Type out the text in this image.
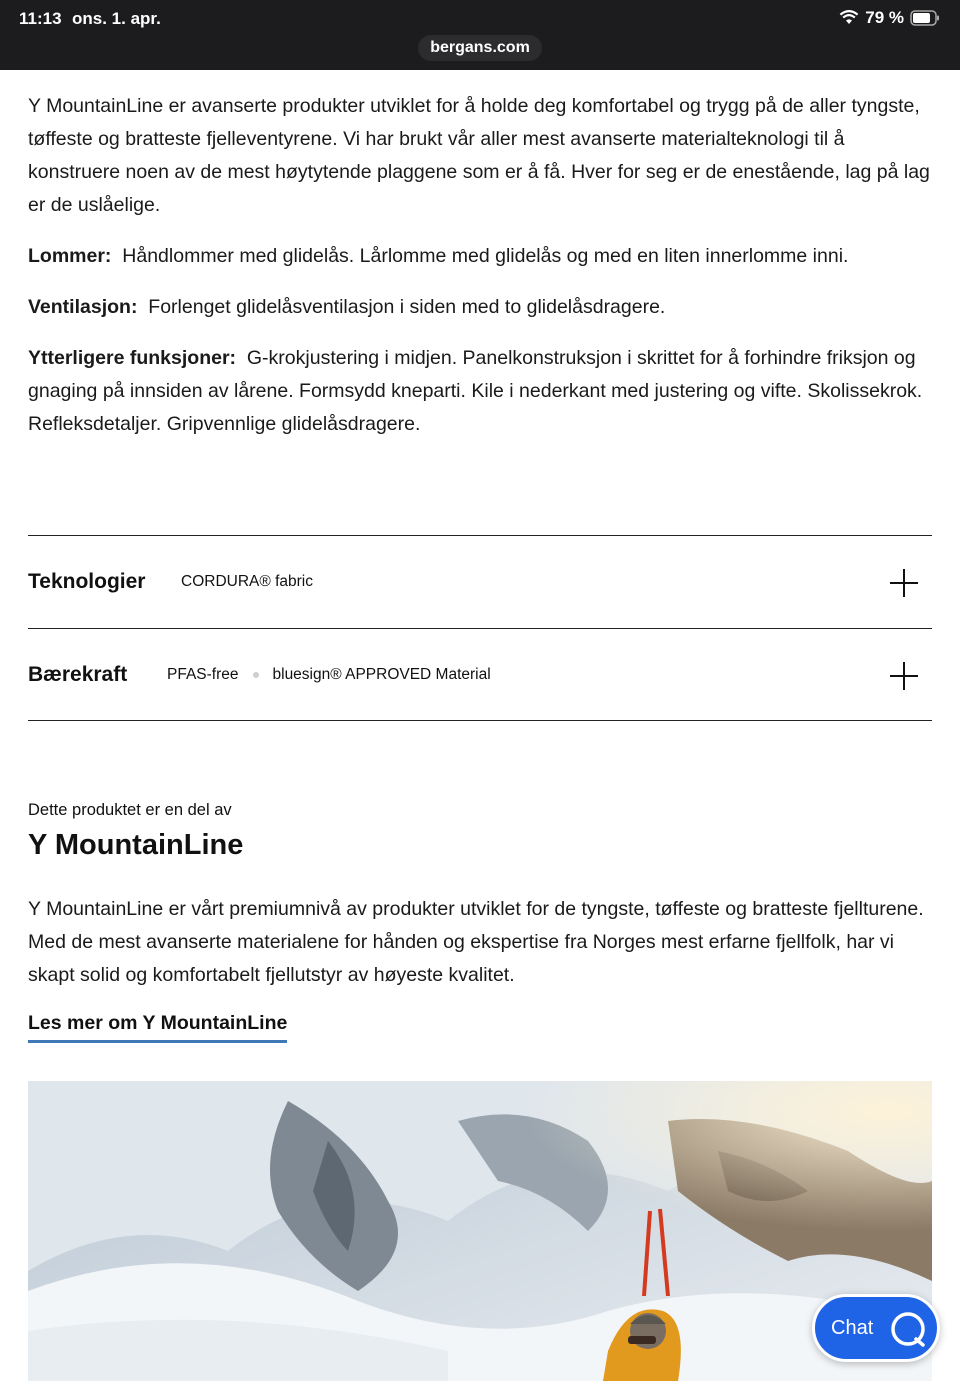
11:13 ons. 1. apr.	79 %
bergans.com

Y MountainLine er avanserte produkter utviklet for å holde deg komfortabel og trygg på de aller tyngste, tøffeste og bratteste fjelleventyrene. Vi har brukt vår aller mest avanserte materialteknologi til å konstruere noen av de mest høytytende plaggene som er å få. Hver for seg er de enestående, lag på lag er de uslåelige.

Lommer: Håndlommer med glidelås. Lårlomme med glidelås og med en liten innerlomme inni.

Ventilasjon: Forlenget glidelåsventilasjon i siden med to glidelåsdragere.

Ytterligere funksjoner: G-krokjustering i midjen. Panelkonstruksjon i skrittet for å forhindre friksjon og gnaging på innsiden av lårene. Formsydd kneparti. Kile i nederkant med justering og vifte. Skolissekrok. Refleksdetaljer. Gripvennlige glidelåsdragere.

Teknologier	CORDURA® fabric
Bærekraft	PFAS-free bluesign® APPROVED Material
Dette produktet er en del av
Y MountainLine

Y MountainLine er vårt premiumnivå av produkter utviklet for de tyngste, tøffeste og bratteste fjellturene. Med de mest avanserte materialene for hånden og ekspertise fra Norges mest erfarne fjellfolk, har vi skapt solid og komfortabelt fjellutstyr av høyeste kvalitet.

Les mer om Y MountainLine
Chat
